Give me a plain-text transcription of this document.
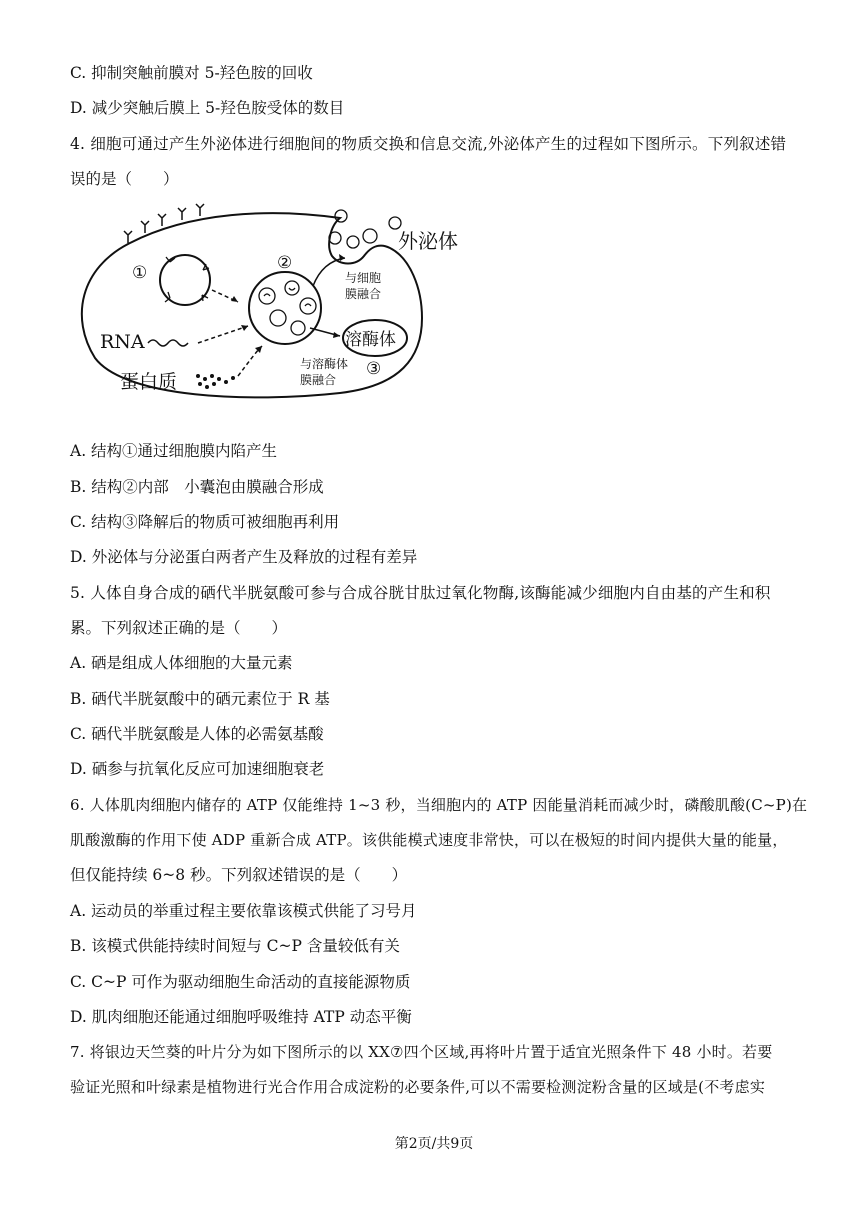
C. 抑制突触前膜对 5-羟色胺的回收
D. 减少突触后膜上 5-羟色胺受体的数目
4. 细胞可通过产生外泌体进行细胞间的物质交换和信息交流,外泌体产生的过程如下图所示。下列叙述错
误的是（　　）
①	②
与细胞
膜融合
外泌体
溶酶体
与溶酶体
膜融合
③
RNA
蛋白质
A. 结构①通过细胞膜内陷产生
B. 结构②内部　小囊泡由膜融合形成
C. 结构③降解后的物质可被细胞再利用
D. 外泌体与分泌蛋白两者产生及释放的过程有差异
5. 人体自身合成的硒代半胱氨酸可参与合成谷胱甘肽过氧化物酶,该酶能减少细胞内自由基的产生和积
累。下列叙述正确的是（　　）
A. 硒是组成人体细胞的大量元素
B. 硒代半胱氨酸中的硒元素位于 R 基
C. 硒代半胱氨酸是人体的必需氨基酸
D. 硒参与抗氧化反应可加速细胞衰老
6. 人体肌肉细胞内储存的 ATP 仅能维持 1~3 秒，当细胞内的 ATP 因能量消耗而减少时，磷酸肌酸(C~P)在
肌酸激酶的作用下使 ADP 重新合成 ATP。该供能模式速度非常快，可以在极短的时间内提供大量的能量，
但仅能持续 6~8 秒。下列叙述错误的是（　　）
A. 运动员的举重过程主要依靠该模式供能了习号月
B. 该模式供能持续时间短与 C~P 含量较低有关
C. C~P 可作为驱动细胞生命活动的直接能源物质
D. 肌肉细胞还能通过细胞呼吸维持 ATP 动态平衡
7. 将银边天竺葵的叶片分为如下图所示的以 XX⑦四个区域,再将叶片置于适宜光照条件下 48 小时。若要
验证光照和叶绿素是植物进行光合作用合成淀粉的必要条件,可以不需要检测淀粉含量的区域是(不考虑实
第2页/共9页
